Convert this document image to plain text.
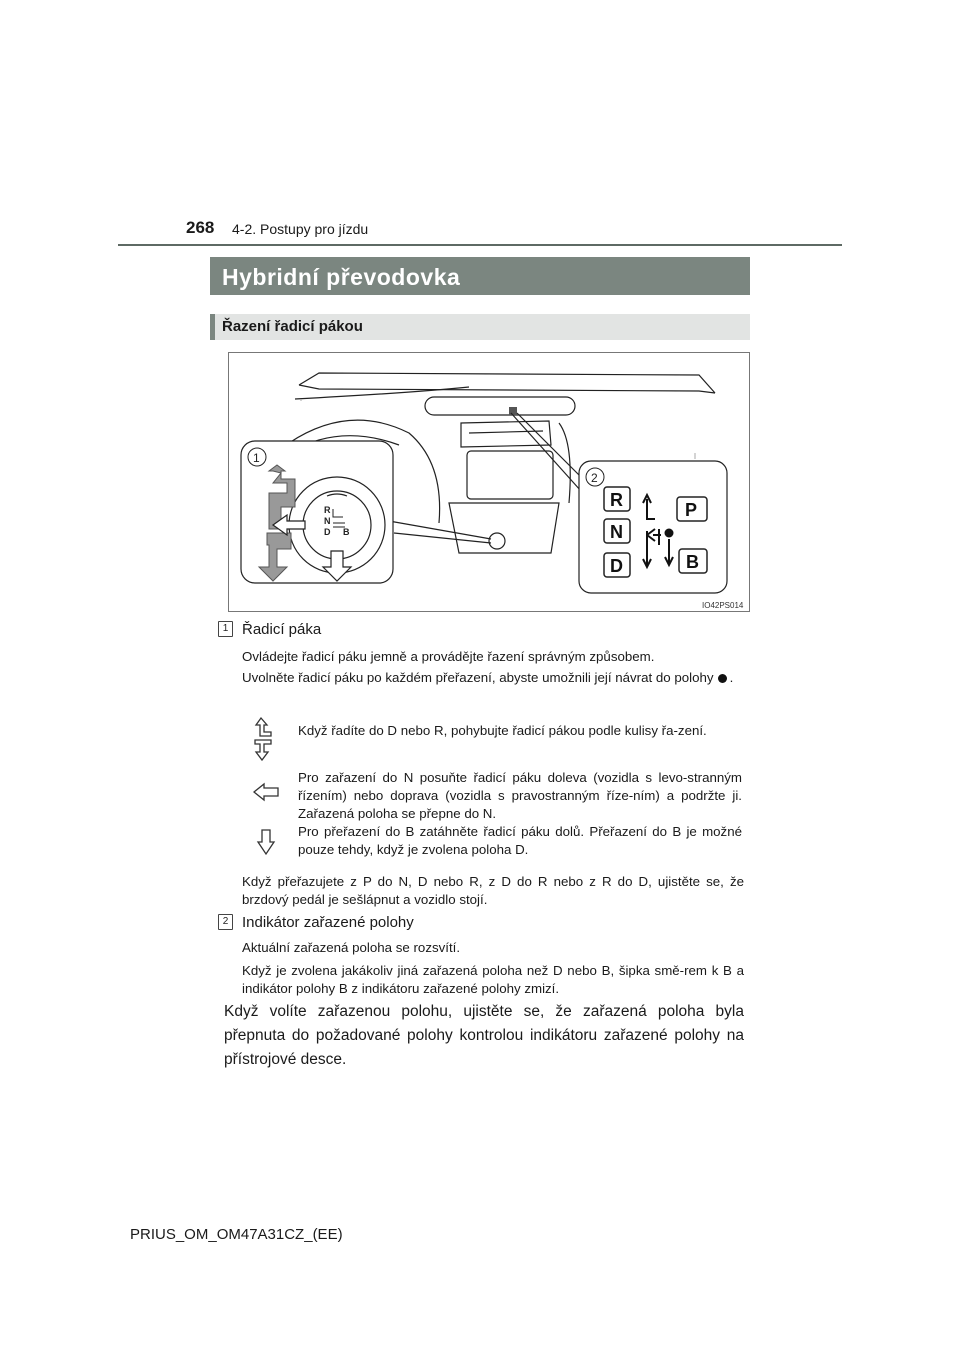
268 4-2. Postupy pro jízdu
Hybridní převodovka
Řazení řadicí pákou
R
N
D B
1
2
R
N
D
P
B
IO42PS014
1 Řadicí páka
Ovládejte řadicí páku jemně a provádějte řazení správným způsobem.
Uvolněte řadicí páku po každém přeřazení, abyste umožnili její návrat do polohy .
Když řadíte do D nebo R, pohybujte řadicí pákou podle kulisy řa-zení.
Pro zařazení do N posuňte řadicí páku doleva (vozidla s levo-stranným řízením) nebo doprava (vozidla s pravostranným říze-ním) a podržte ji. Zařazená poloha se přepne do N.
Pro přeřazení do B zatáhněte řadicí páku dolů. Přeřazení do B je možné pouze tehdy, když je zvolena poloha D.
Když přeřazujete z P do N, D nebo R, z D do R nebo z R do D, ujistěte se, že brzdový pedál je sešlápnut a vozidlo stojí.
2 Indikátor zařazené polohy
Aktuální zařazená poloha se rozsvítí.
Když je zvolena jakákoliv jiná zařazená poloha než D nebo B, šipka smě-rem k B a indikátor polohy B z indikátoru zařazené polohy zmizí.
Když volíte zařazenou polohu, ujistěte se, že zařazená poloha byla přepnuta do požadované polohy kontrolou indikátoru zařazené polohy na přístrojové desce.
PRIUS_OM_OM47A31CZ_(EE)
